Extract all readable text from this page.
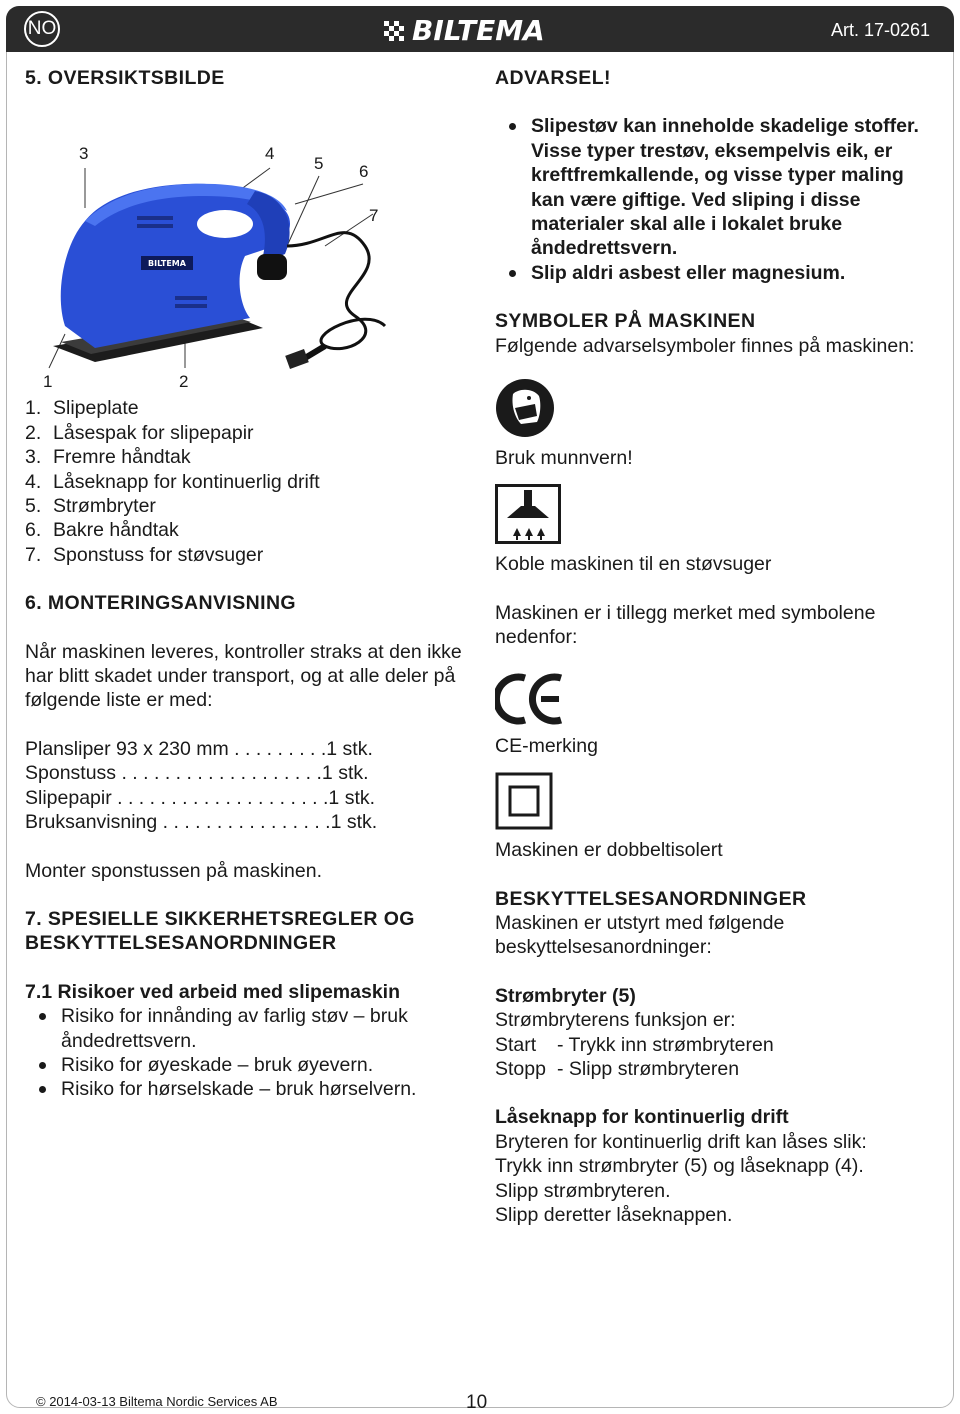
NO	BILTEMA	Art. 17-0261
5. OVERSIKTSBILDE
3	4
5 6
7
1	2
BILTEMA
1. Slipeplate
2. Låsespak for slipepapir
3. Fremre håndtak
4. Låseknapp for kontinuerlig drift
5. Strømbryter
6. Bakre håndtak
7. Sponstuss for støvsuger
6. MONTERINGSANVISNING
Når maskinen leveres, kontroller straks at den ikke har blitt skadet under transport, og at alle deler på følgende liste er med:
Plansliper 93 x 230 mm . . . . . . . . .1 stk.
Sponstuss . . . . . . . . . . . . . . . . . . .1 stk.
Slipepapir . . . . . . . . . . . . . . . . . . . .1 stk.
Bruksanvisning . . . . . . . . . . . . . . . .1 stk.
Monter sponstussen på maskinen.
7. SPESIELLE SIKKERHETSREGLER OG
BESKYTTELSESANORDNINGER
7.1 Risikoer ved arbeid med slipemaskin
Risiko for innånding av farlig støv – bruk åndedrettsvern.
Risiko for øyeskade – bruk øyevern.
Risiko for hørselskade – bruk hørselvern.
ADVARSEL!
Slipestøv kan inneholde skadelige stoffer. Visse typer trestøv, eksempelvis eik, er kreftfremkallende, og visse typer maling kan være giftige. Ved sliping i disse materialer skal alle i lokalet bruke åndedrettsvern.
Slip aldri asbest eller magnesium.
SYMBOLER PÅ MASKINEN
Følgende advarselsymboler finnes på maskinen:
Bruk munnvern!
Koble maskinen til en støvsuger
Maskinen er i tillegg merket med symbolene nedenfor:
CE-merking
Maskinen er dobbeltisolert
BESKYTTELSESANORDNINGER
Maskinen er utstyrt med følgende beskyttelsesanordninger:
Strømbryter (5)
Strømbryterens funksjon er:
Start - Trykk inn strømbryteren
Stopp - Slipp strømbryteren
Låseknapp for kontinuerlig drift
Bryteren for kontinuerlig drift kan låses slik:
Trykk inn strømbryter (5) og låseknapp (4).
Slipp strømbryteren.
Slipp deretter låseknappen.
© 2014-03-13 Biltema Nordic Services AB	10
